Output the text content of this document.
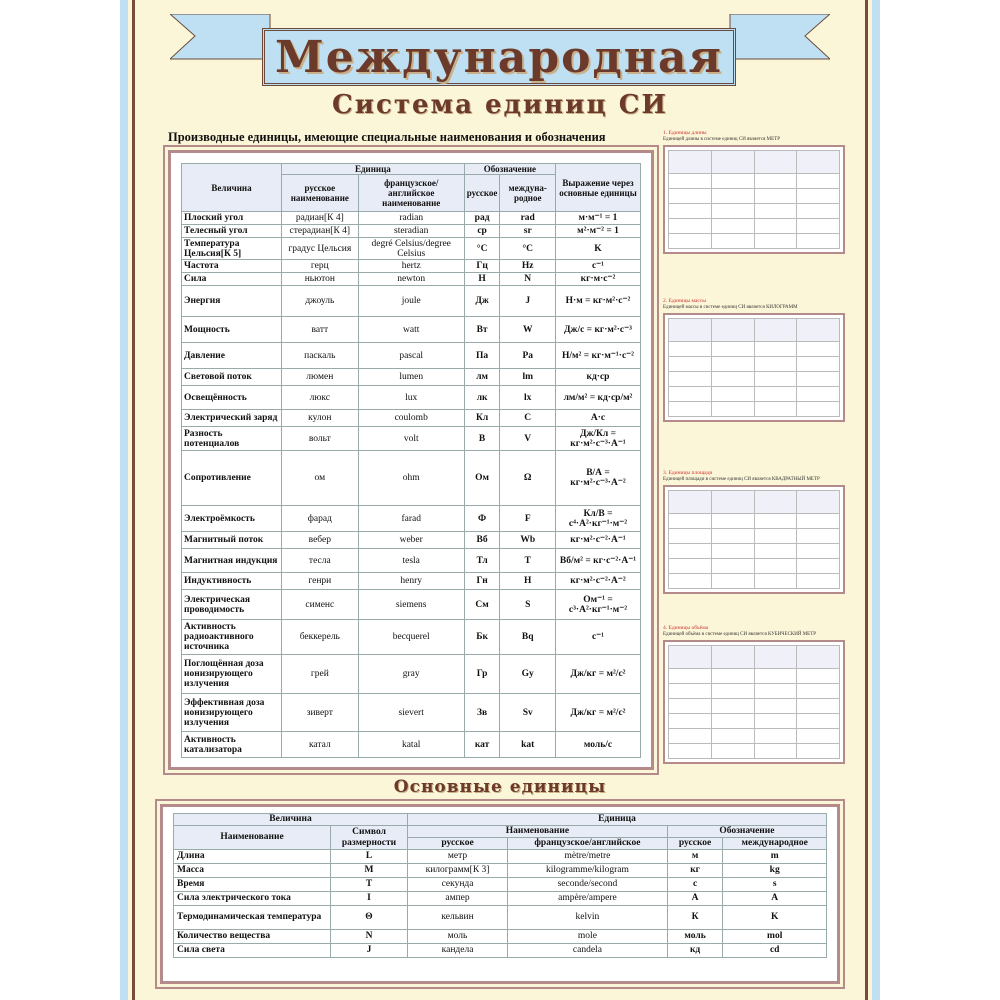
Международная
Система единиц СИ
Производные единицы, имеющие специальные наименования и обозначения
Величина	Единица		Обозначение		Выражение через основные единицы
	русское наименование	французское/ английское наименование	русское	междуна- родное	
Плоский угол	радиан[К 4]	radian	рад	rad	м·м⁻¹ = 1
Телесный угол	стерадиан[К 4]	steradian	ср	sr	м²·м⁻² = 1
Температура Цельсия[К 5]	градус Цельсия	degré Celsius/degree Celsius	°C	°C	K
Частота	герц	hertz	Гц	Hz	с⁻¹
Сила	ньютон	newton	Н	N	кг·м·с⁻²
Энергия	джоуль	joule	Дж	J	Н·м = кг·м²·с⁻²
Мощность	ватт	watt	Вт	W	Дж/с = кг·м²·с⁻³
Давление	паскаль	pascal	Па	Pa	Н/м² = кг·м⁻¹·с⁻²
Световой поток	люмен	lumen	лм	lm	кд·ср
Освещённость	люкс	lux	лк	lx	лм/м² = кд·ср/м²
Электрический заряд	кулон	coulomb	Кл	C	А·с
Разность потенциалов	вольт	volt	В	V	Дж/Кл = кг·м²·с⁻³·А⁻¹
Сопротивление	ом	ohm	Ом	Ω	В/А = кг·м²·с⁻³·А⁻²
Электроёмкость	фарад	farad	Ф	F	Кл/В = с⁴·А²·кг⁻¹·м⁻²
Магнитный поток	вебер	weber	Вб	Wb	кг·м²·с⁻²·А⁻¹
Магнитная индукция	тесла	tesla	Тл	T	Вб/м² = кг·с⁻²·А⁻¹
Индуктивность	генри	henry	Гн	H	кг·м²·с⁻²·А⁻²
Электрическая проводимость	сименс	siemens	См	S	Ом⁻¹ = с³·А²·кг⁻¹·м⁻²
Активность радиоактивного источника	беккерель	becquerel	Бк	Bq	с⁻¹
Поглощённая доза ионизирующего излучения	грей	gray	Гр	Gy	Дж/кг = м²/с²
Эффективная доза ионизирующего излучения	зиверт	sievert	Зв	Sv	Дж/кг = м²/с²
Активность катализатора	катал	katal	кат	kat	моль/с
1. Единицы длины
Единицей длины в системе единиц СИ является МЕТР

2. Единицы массы
Единицей массы в системе единиц СИ является КИЛОГРАММ

3. Единицы площади
Единицей площади в системе единиц СИ является КВАДРАТНЫЙ МЕТР

4. Единицы объёма
Единицей объёма в системе единиц СИ является КУБИЧЕСКИЙ МЕТР

Основные единицы
Величина		Единица			
Наименование	Символ размерности	Наименование		Обозначение	
		русское	французское/английское	русское	международное
Длина	L	метр	mètre/metre	м	m
Масса	M	килограмм[К 3]	kilogramme/kilogram	кг	kg
Время	T	секунда	seconde/second	с	s
Сила электрического тока	I	ампер	ampère/ampere	А	A
Термодинамическая температура	Θ	кельвин	kelvin	К	K
Количество вещества	N	моль	mole	моль	mol
Сила света	J	кандела	candela	кд	cd
